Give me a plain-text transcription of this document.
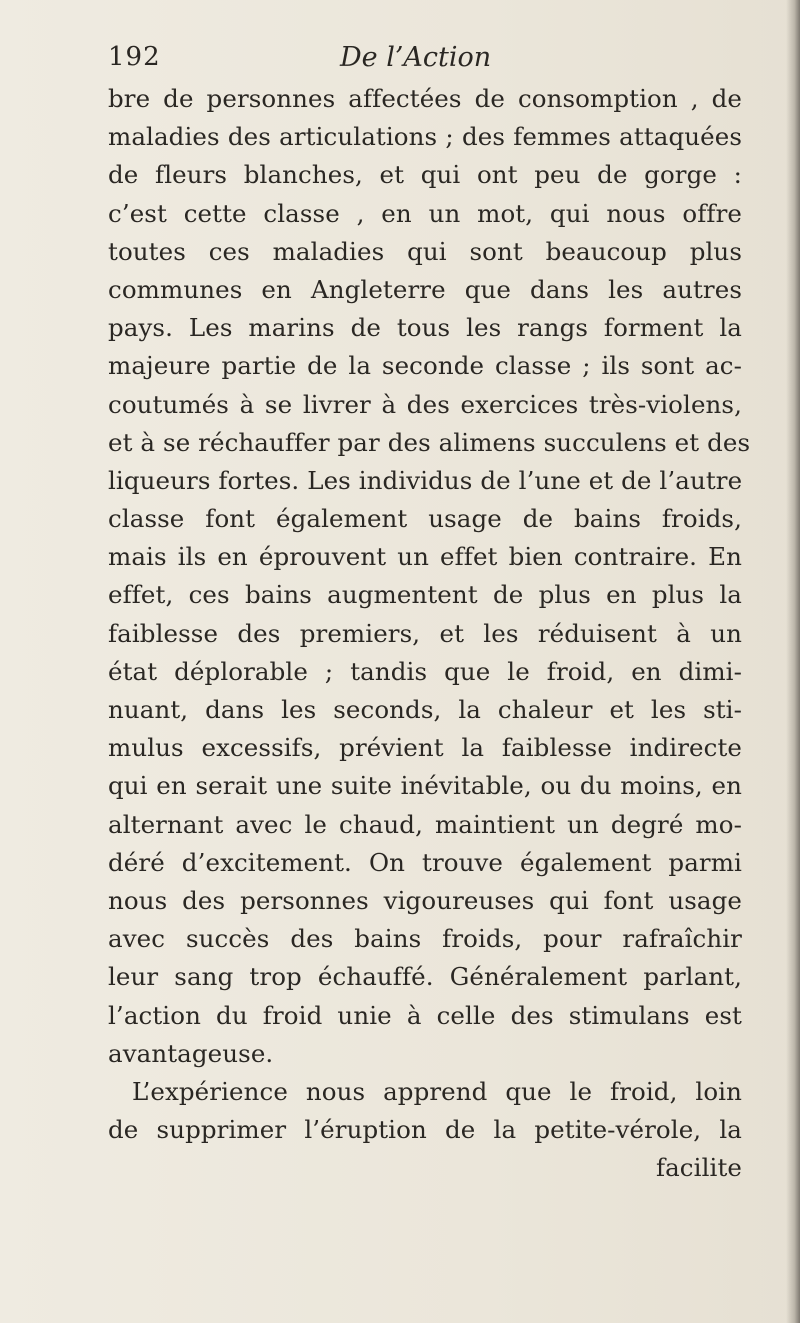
192	De l’Action
bre de personnes affectées de consomption , de
maladies des articulations ; des femmes attaquées
de fleurs blanches, et qui ont peu de gorge :
c’est cette classe , en un mot, qui nous offre
toutes ces maladies qui sont beaucoup plus
communes en Angleterre que dans les autres
pays. Les marins de tous les rangs forment la
majeure partie de la seconde classe ; ils sont ac-
coutumés à se livrer à des exercices très-violens,
et à se réchauffer par des alimens succulens et des
liqueurs fortes. Les individus de l’une et de l’autre
classe font également usage de bains froids,
mais ils en éprouvent un effet bien contraire. En
effet, ces bains augmentent de plus en plus la
faiblesse des premiers, et les réduisent à un
état déplorable ; tandis que le froid, en dimi-
nuant, dans les seconds, la chaleur et les sti-
mulus excessifs, prévient la faiblesse indirecte
qui en serait une suite inévitable, ou du moins, en
alternant avec le chaud, maintient un degré mo-
déré d’excitement. On trouve également parmi
nous des personnes vigoureuses qui font usage
avec succès des bains froids, pour rafraîchir
leur sang trop échauffé. Généralement parlant,
l’action du froid unie à celle des stimulans est
avantageuse.
L’expérience nous apprend que le froid, loin
de supprimer l’éruption de la petite-vérole, la
facilite
